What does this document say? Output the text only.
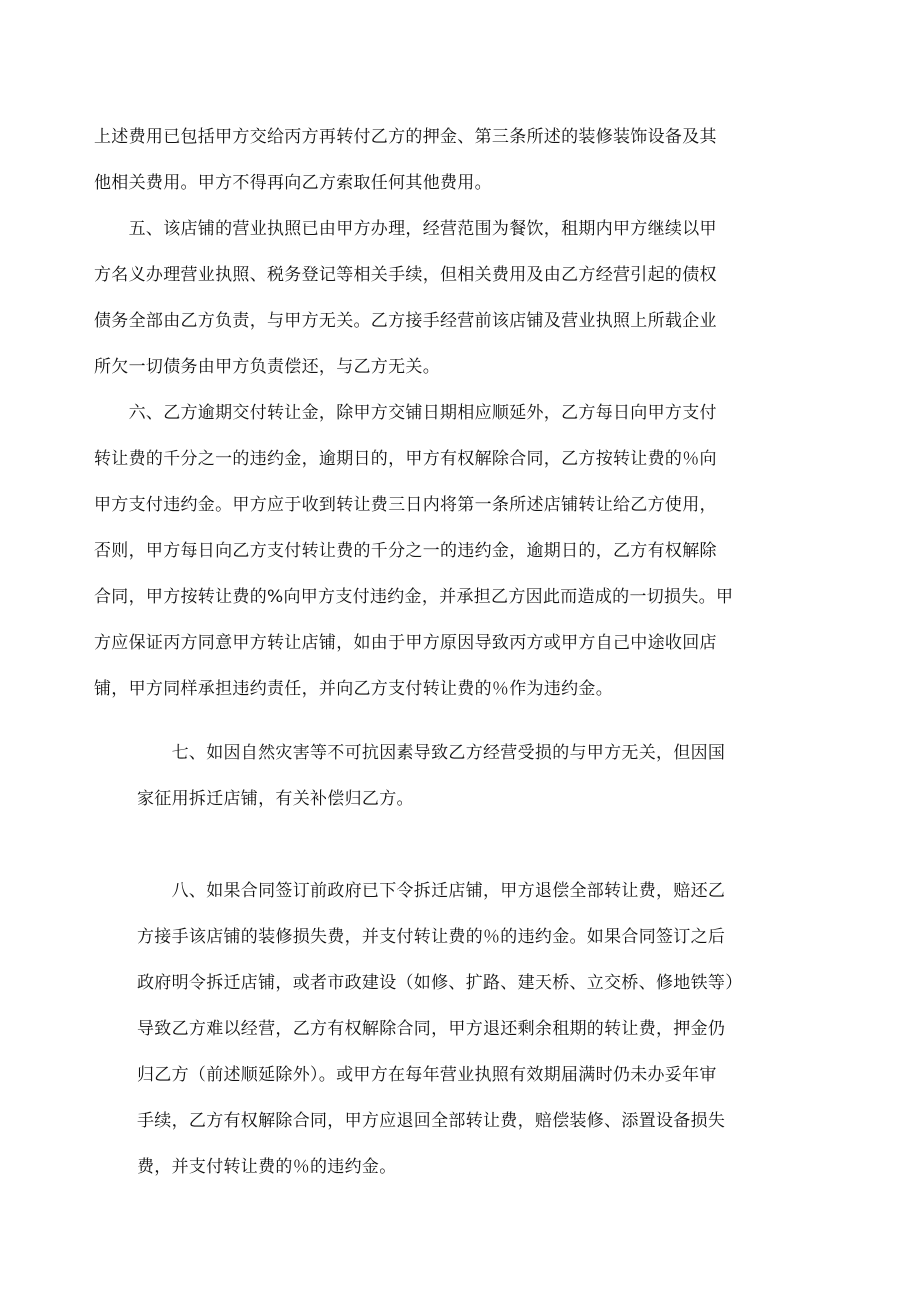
上述费用已包括甲方交给丙方再转付乙方的押金、第三条所述的装修装饰设备及其
他相关费用。甲方不得再向乙方索取任何其他费用。

　　五、该店铺的营业执照已由甲方办理，经营范围为餐饮，租期内甲方继续以甲
方名义办理营业执照、税务登记等相关手续，但相关费用及由乙方经营引起的债权
债务全部由乙方负责，与甲方无关。乙方接手经营前该店铺及营业执照上所载企业
所欠一切债务由甲方负责偿还，与乙方无关。

　　六、乙方逾期交付转让金，除甲方交铺日期相应顺延外，乙方每日向甲方支付
转让费的千分之一的违约金，逾期日的，甲方有权解除合同，乙方按转让费的％向
甲方支付违约金。甲方应于收到转让费三日内将第一条所述店铺转让给乙方使用，
否则，甲方每日向乙方支付转让费的千分之一的违约金，逾期日的，乙方有权解除
合同，甲方按转让费的%向甲方支付违约金，并承担乙方因此而造成的一切损失。甲
方应保证丙方同意甲方转让店铺，如由于甲方原因导致丙方或甲方自己中途收回店
铺，甲方同样承担违约责任，并向乙方支付转让费的％作为违约金。

　　七、如因自然灾害等不可抗因素导致乙方经营受损的与甲方无关，但因国
家征用拆迁店铺，有关补偿归乙方。

　　八、如果合同签订前政府已下令拆迁店铺，甲方退偿全部转让费，赔还乙
方接手该店铺的装修损失费，并支付转让费的％的违约金。如果合同签订之后
政府明令拆迁店铺，或者市政建设（如修、扩路、建天桥、立交桥、修地铁等）
导致乙方难以经营，乙方有权解除合同，甲方退还剩余租期的转让费，押金仍
归乙方（前述顺延除外）。或甲方在每年营业执照有效期届满时仍未办妥年审
手续，乙方有权解除合同，甲方应退回全部转让费，赔偿装修、添置设备损失
费，并支付转让费的％的违约金。
